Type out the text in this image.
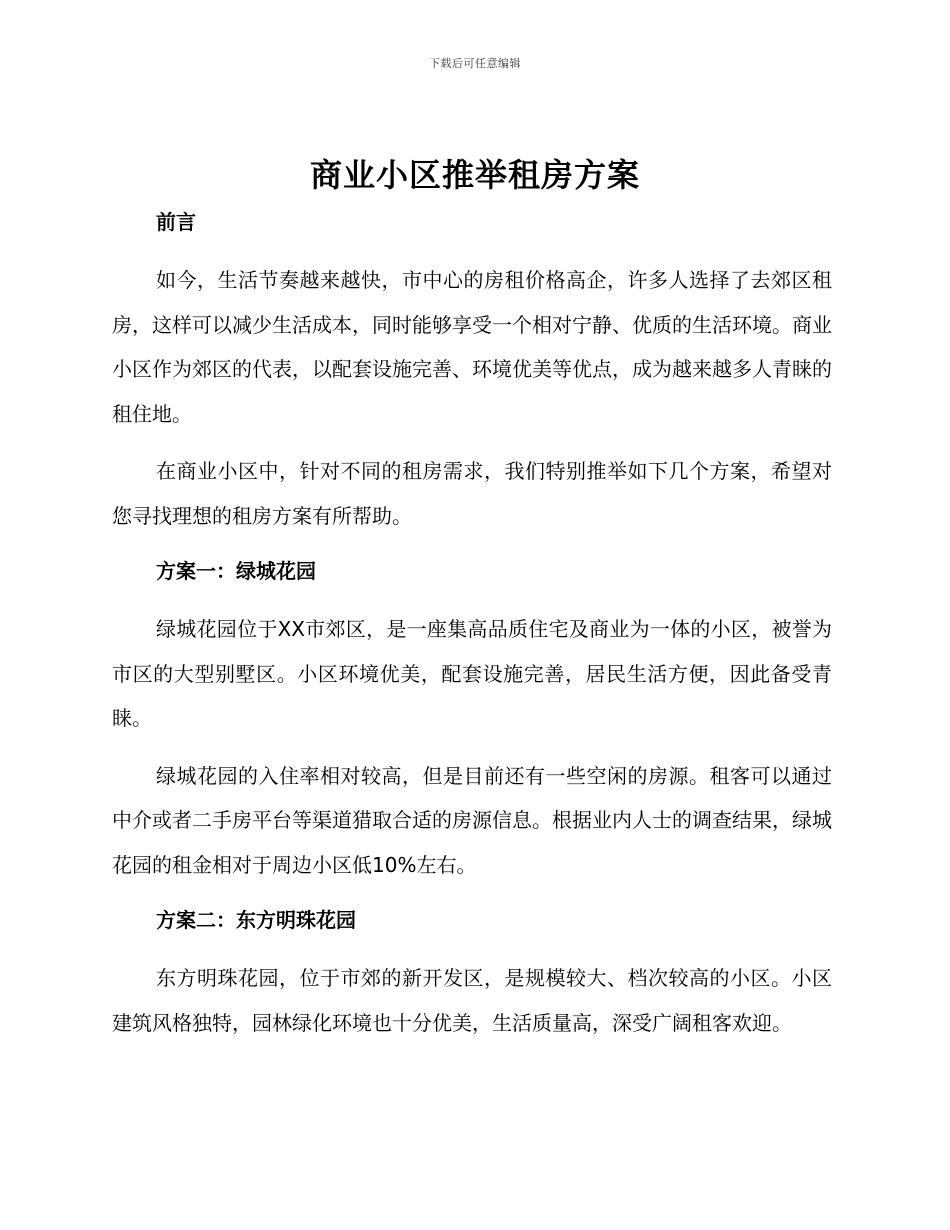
下载后可任意编辑
商业小区推举租房方案

前言

如今，生活节奏越来越快，市中心的房租价格高企，许多人选择了去郊区租房，这样可以减少生活成本，同时能够享受一个相对宁静、优质的生活环境。商业小区作为郊区的代表，以配套设施完善、环境优美等优点，成为越来越多人青睐的租住地。

在商业小区中，针对不同的租房需求，我们特别推举如下几个方案，希望对您寻找理想的租房方案有所帮助。

方案一：绿城花园

绿城花园位于XX市郊区，是一座集高品质住宅及商业为一体的小区，被誉为市区的大型别墅区。小区环境优美，配套设施完善，居民生活方便，因此备受青睐。

绿城花园的入住率相对较高，但是目前还有一些空闲的房源。租客可以通过中介或者二手房平台等渠道猎取合适的房源信息。根据业内人士的调查结果，绿城花园的租金相对于周边小区低10%左右。

方案二：东方明珠花园

东方明珠花园，位于市郊的新开发区，是规模较大、档次较高的小区。小区建筑风格独特，园林绿化环境也十分优美，生活质量高，深受广阔租客欢迎。
